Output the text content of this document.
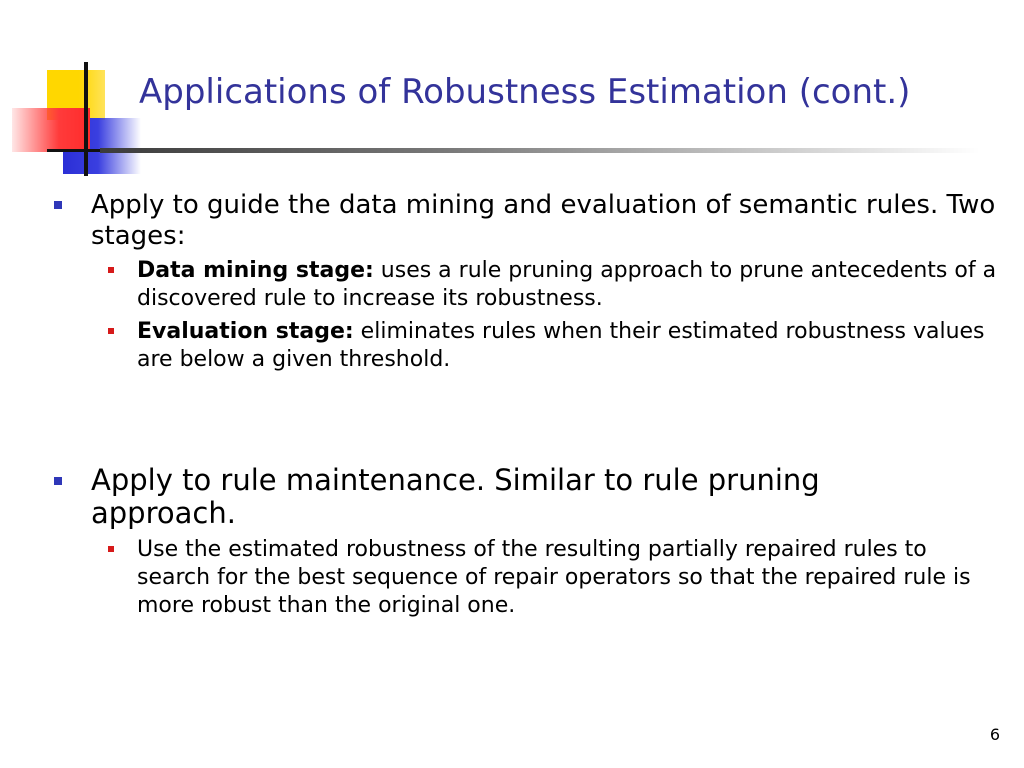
Applications of Robustness Estimation (cont.)
Apply to guide the data mining and evaluation of semantic rules. Two stages:
Data mining stage: uses a rule pruning approach to prune antecedents of a discovered rule to increase its robustness.
Evaluation stage: eliminates rules when their estimated robustness values are below a given threshold.
Apply to rule maintenance. Similar to rule pruning approach.
Use the estimated robustness of the resulting partially repaired rules to search for the best sequence of repair operators so that the repaired rule is more robust than the original one.
6
